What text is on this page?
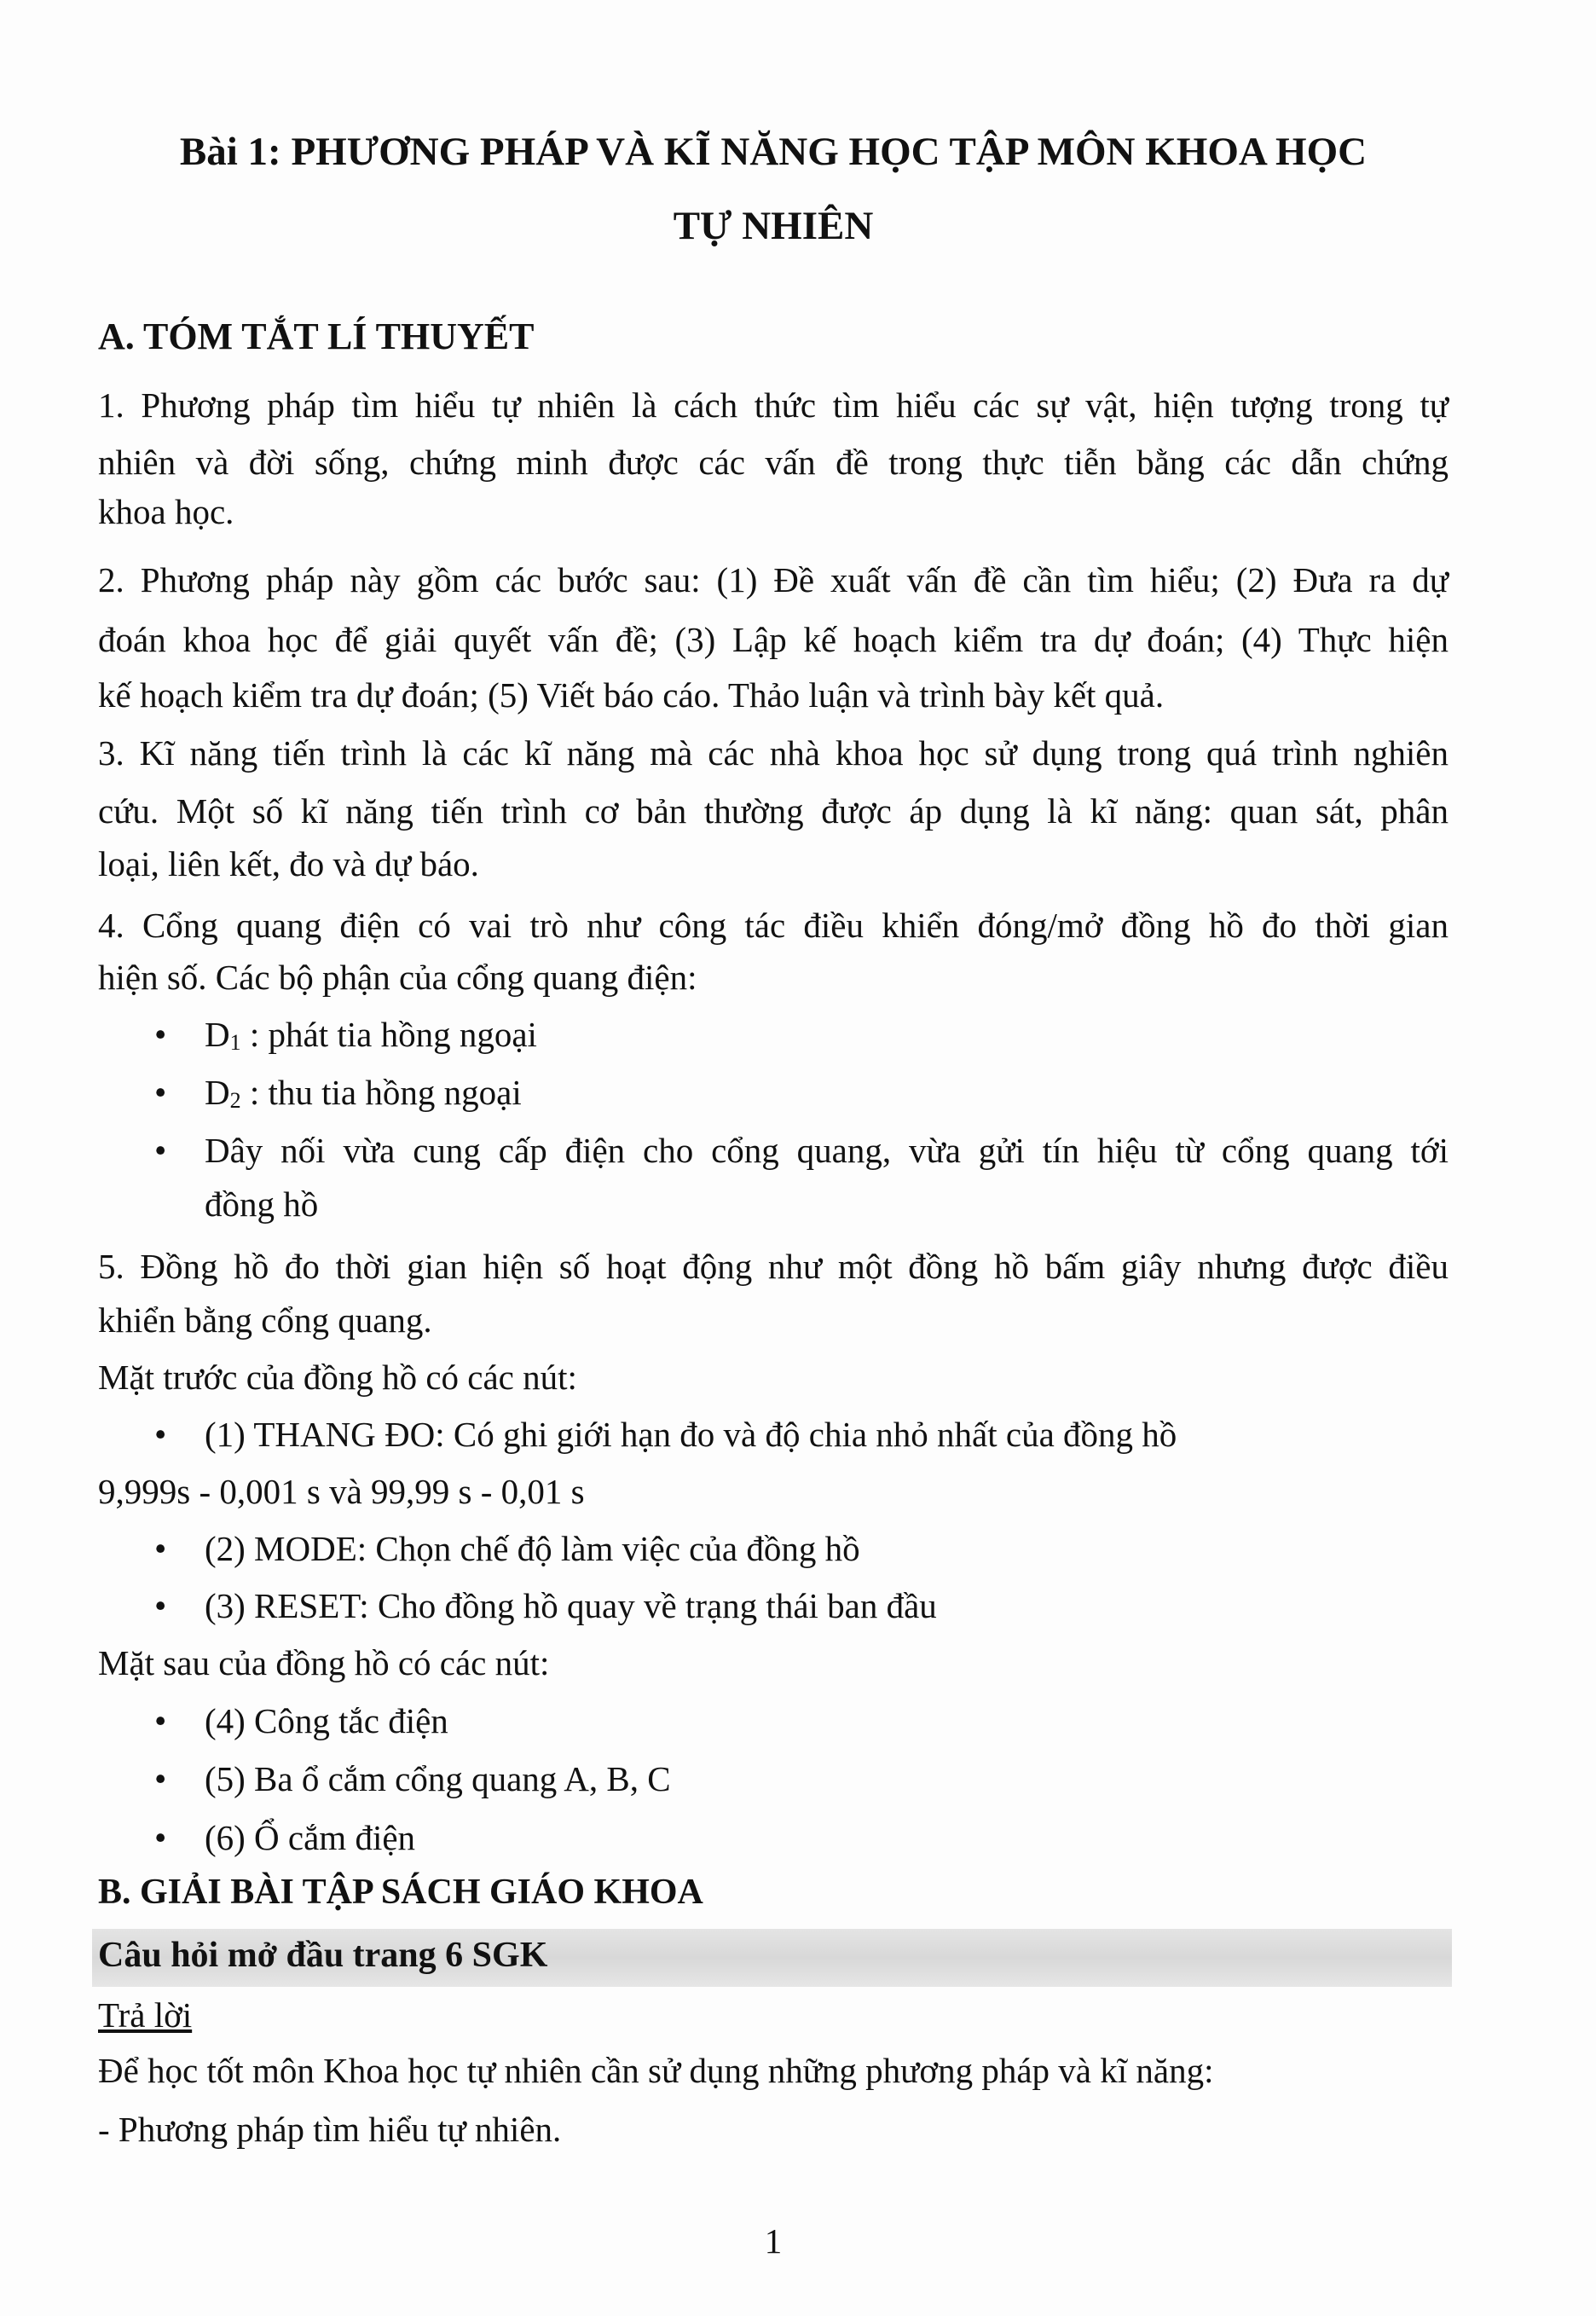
Bài 1: PHƯƠNG PHÁP VÀ KĨ NĂNG HỌC TẬP MÔN KHOA HỌC
TỰ NHIÊN
A. TÓM TẮT LÍ THUYẾT
1. Phương pháp tìm hiểu tự nhiên là cách thức tìm hiểu các sự vật, hiện tượng trong tự
nhiên và đời sống, chứng minh được các vấn đề trong thực tiễn bằng các dẫn chứng
khoa học.
2. Phương pháp này gồm các bước sau: (1) Đề xuất vấn đề cần tìm hiểu; (2) Đưa ra dự
đoán khoa học để giải quyết vấn đề; (3) Lập kế hoạch kiểm tra dự đoán; (4) Thực hiện
kế hoạch kiểm tra dự đoán; (5) Viết báo cáo. Thảo luận và trình bày kết quả.
3. Kĩ năng tiến trình là các kĩ năng mà các nhà khoa học sử dụng trong quá trình nghiên
cứu. Một số kĩ năng tiến trình cơ bản thường được áp dụng là kĩ năng: quan sát, phân
loại, liên kết, đo và dự báo.
4. Cổng quang điện có vai trò như công tác điều khiển đóng/mở đồng hồ đo thời gian
hiện số. Các bộ phận của cổng quang điện:
• $D_1$ : phát tia hồng ngoại
• $D_2$ : thu tia hồng ngoại
• Dây nối vừa cung cấp điện cho cổng quang, vừa gửi tín hiệu từ cổng quang tới
đồng hồ
5. Đồng hồ đo thời gian hiện số hoạt động như một đồng hồ bấm giây nhưng được điều
khiển bằng cổng quang.
Mặt trước của đồng hồ có các nút:
• (1) THANG ĐO: Có ghi giới hạn đo và độ chia nhỏ nhất của đồng hồ
9,999s - 0,001 s và 99,99 s - 0,01 s
• (2) MODE: Chọn chế độ làm việc của đồng hồ
• (3) RESET: Cho đồng hồ quay về trạng thái ban đầu
Mặt sau của đồng hồ có các nút:
• (4) Công tắc điện
• (5) Ba ổ cắm cổng quang A, B, C
• (6) Ổ cắm điện
B. GIẢI BÀI TẬP SÁCH GIÁO KHOA
Câu hỏi mở đầu trang 6 SGK
Trả lời
Để học tốt môn Khoa học tự nhiên cần sử dụng những phương pháp và kĩ năng:
- Phương pháp tìm hiểu tự nhiên.
1
